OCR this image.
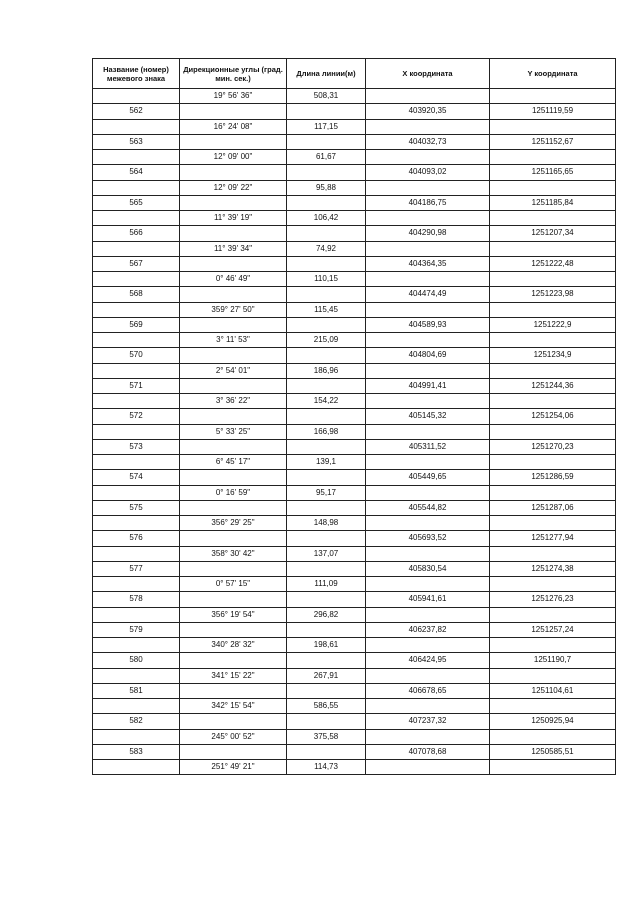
Название (номер) межевого знака	Дирекционные углы (град. мин. сек.)	Длина линии(м)	X координата	Y координата
	19° 56' 36"	508,31		
562			403920,35	1251119,59
	16° 24' 08"	117,15		
563			404032,73	1251152,67
	12° 09' 00"	61,67		
564			404093,02	1251165,65
	12° 09' 22"	95,88		
565			404186,75	1251185,84
	11° 39' 19"	106,42		
566			404290,98	1251207,34
	11° 39' 34"	74,92		
567			404364,35	1251222,48
	0° 46' 49"	110,15		
568			404474,49	1251223,98
	359° 27' 50"	115,45		
569			404589,93	1251222,9
	3° 11' 53"	215,09		
570			404804,69	1251234,9
	2° 54' 01"	186,96		
571			404991,41	1251244,36
	3° 36' 22"	154,22		
572			405145,32	1251254,06
	5° 33' 25"	166,98		
573			405311,52	1251270,23
	6° 45' 17"	139,1		
574			405449,65	1251286,59
	0° 16' 59"	95,17		
575			405544,82	1251287,06
	356° 29' 25"	148,98		
576			405693,52	1251277,94
	358° 30' 42"	137,07		
577			405830,54	1251274,38
	0° 57' 15"	111,09		
578			405941,61	1251276,23
	356° 19' 54"	296,82		
579			406237,82	1251257,24
	340° 28' 32"	198,61		
580			406424,95	1251190,7
	341° 15' 22"	267,91		
581			406678,65	1251104,61
	342° 15' 54"	586,55		
582			407237,32	1250925,94
	245° 00' 52"	375,58		
583			407078,68	1250585,51
	251° 49' 21"	114,73		
